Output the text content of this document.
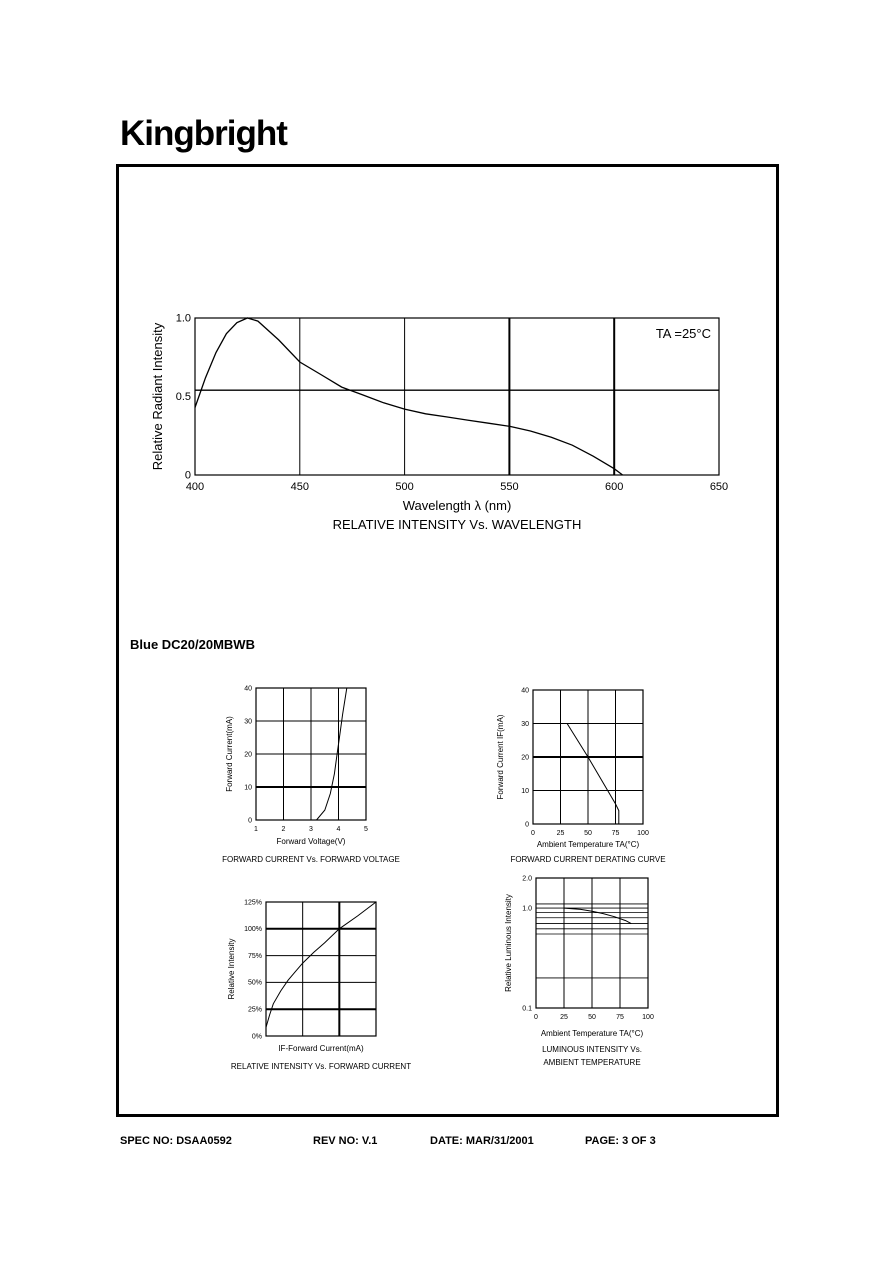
Kingbright
400	450	500	550	600	650
0
0.5
1.0
Wavelength λ (nm)
Relative Radiant Intensity
RELATIVE INTENSITY Vs. WAVELENGTH
TA =25°C
1	2	3	4	5
0
10
20
30
40
Forward Voltage(V)
Forward Current(mA)
FORWARD CURRENT Vs. FORWARD VOLTAGE
0	25	50	75	100
0
10
20
30
40
Ambient Temperature TA(°C)
Forward Current IF(mA)
FORWARD CURRENT DERATING CURVE
0%
25%
50%
75%
100%
125%
IF-Forward Current(mA)
Relative Intensity
RELATIVE INTENSITY Vs. FORWARD CURRENT
0	25	50	75	100
0.1
1.0
2.0
Ambient Temperature TA(°C)
Relative Luminous Intensity
LUMINOUS INTENSITY Vs.
AMBIENT TEMPERATURE
Blue DC20/20MBWB
SPEC NO: DSAA0592	REV NO: V.1	DATE: MAR/31/2001	PAGE: 3 OF 3
